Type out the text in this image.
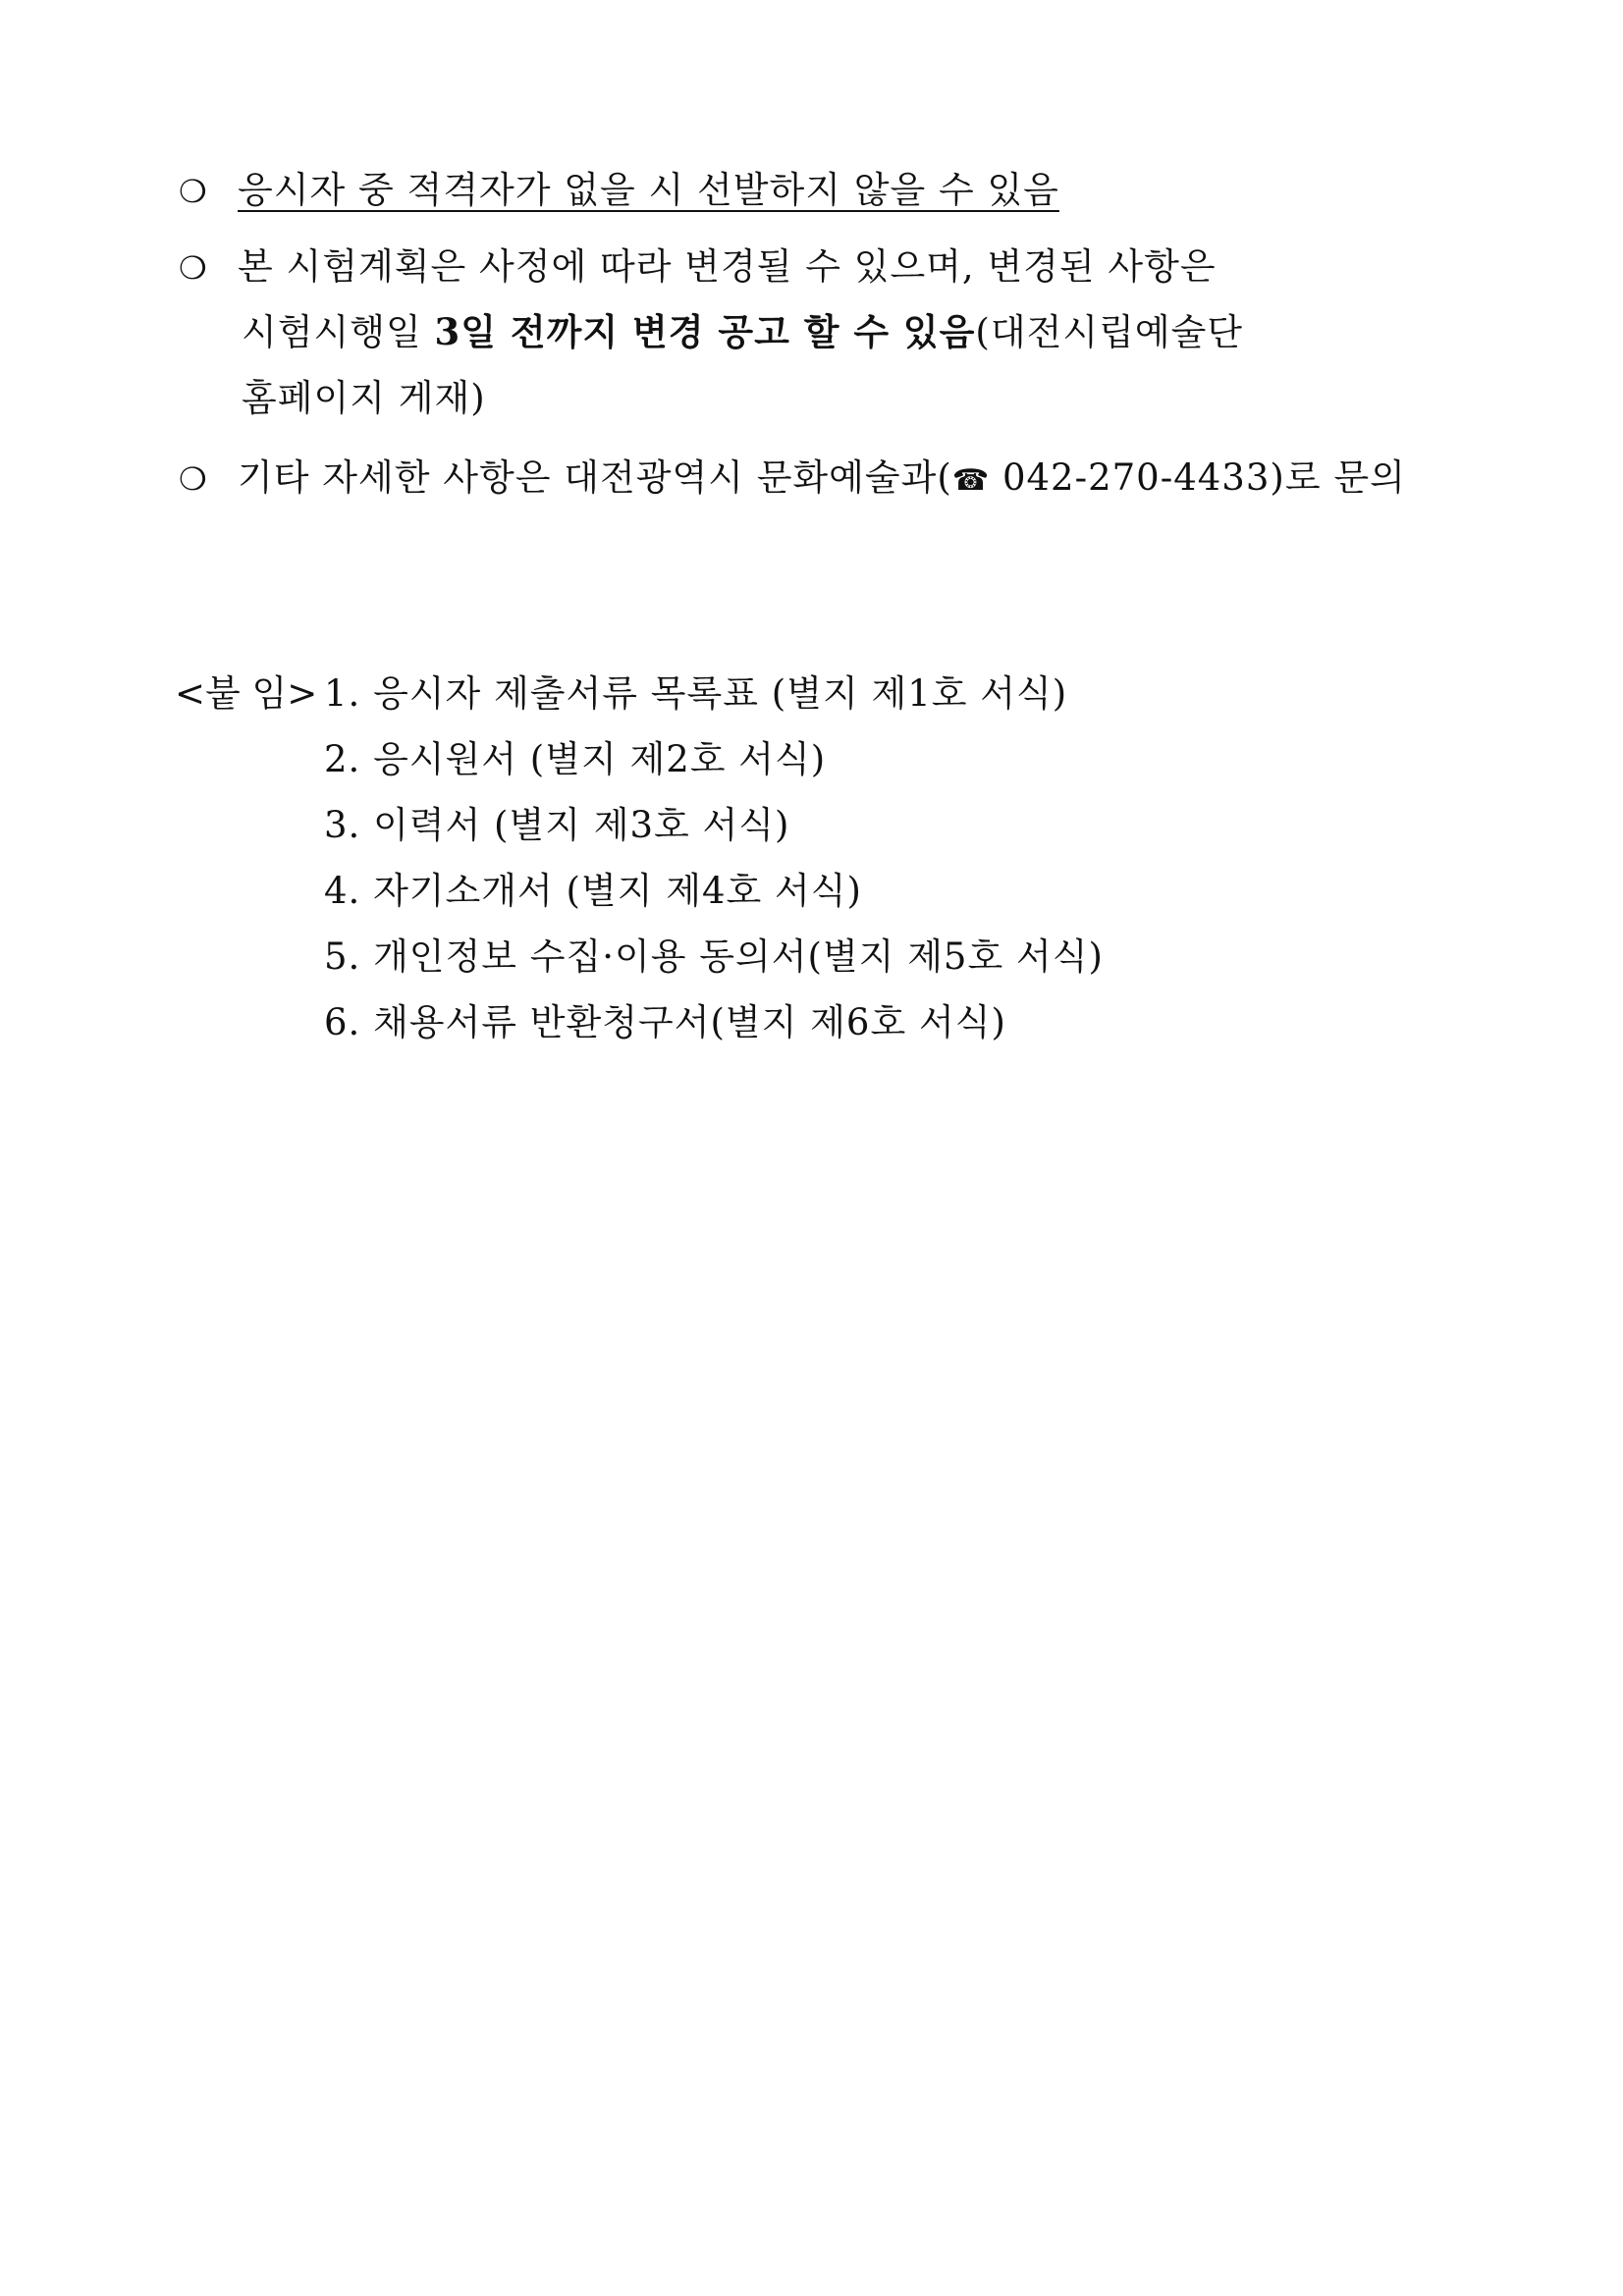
❍ 응시자 중 적격자가 없을 시 선발하지 않을 수 있음
❍ 본 시험계획은 사정에 따라 변경될 수 있으며, 변경된 사항은
시험시행일 3일 전까지 변경 공고 할 수 있음(대전시립예술단
홈페이지 게재)
❍ 기타 자세한 사항은 대전광역시 문화예술과(☎ 042-270-4433)로 문의
<붙 임> 1. 응시자 제출서류 목록표 (별지 제1호 서식)
2. 응시원서 (별지 제2호 서식)
3. 이력서 (별지 제3호 서식)
4. 자기소개서 (별지 제4호 서식)
5. 개인정보 수집·이용 동의서(별지 제5호 서식)
6. 채용서류 반환청구서(별지 제6호 서식)
